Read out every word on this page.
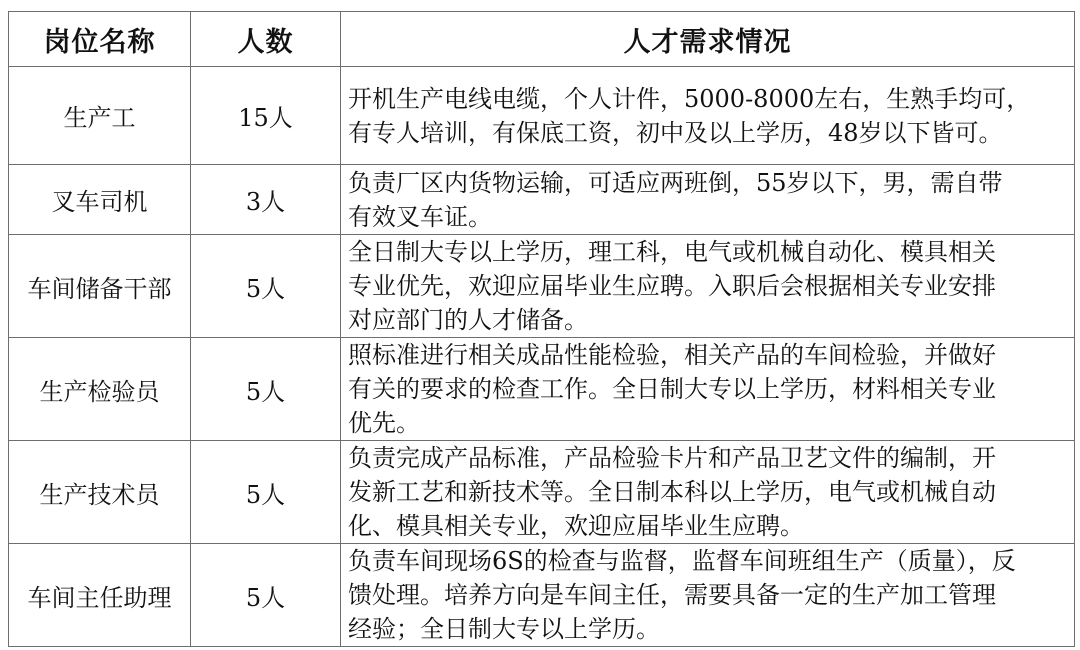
岗位名称	人数	人才需求情况
生产工	15人	开机生产电线电缆，个人计件，5000-8000左右，生熟手均可，
有专人培训，有保底工资，初中及以上学历，48岁以下皆可。

叉车司机	3人	负责厂区内货物运输，可适应两班倒，55岁以下，男，需自带
有效叉车证。

车间储备干部	5人	全日制大专以上学历，理工科，电气或机械自动化、模具相关
专业优先，欢迎应届毕业生应聘。入职后会根据相关专业安排
对应部门的人才储备。

生产检验员	5人	照标准进行相关成品性能检验，相关产品的车间检验，并做好
有关的要求的检查工作。全日制大专以上学历，材料相关专业
优先。

生产技术员	5人	负责完成产品标准，产品检验卡片和产品卫艺文件的编制，开
发新工艺和新技术等。全日制本科以上学历，电气或机械自动
化、模具相关专业，欢迎应届毕业生应聘。

车间主任助理	5人	负责车间现场6S的检查与监督，监督车间班组生产（质量），反
馈处理。培养方向是车间主任，需要具备一定的生产加工管理
经验；全日制大专以上学历。
